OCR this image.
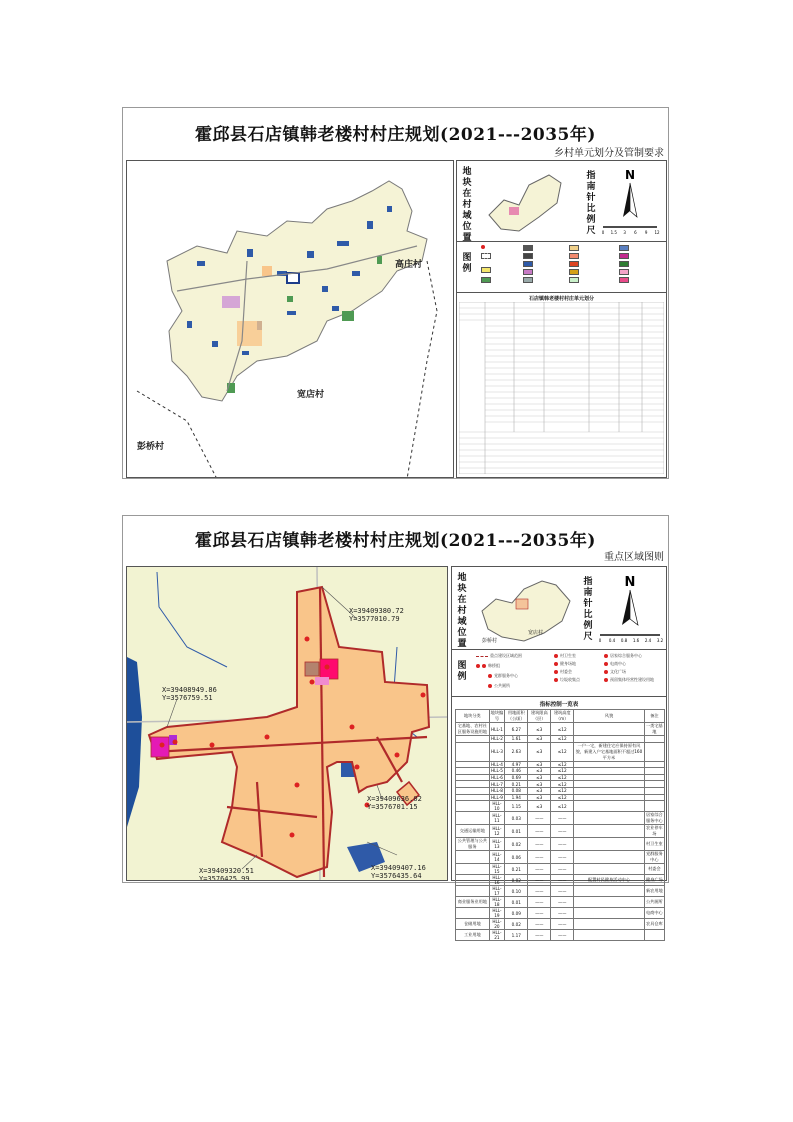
霍邱县石店镇韩老楼村村庄规划(2021---2035年)
乡村单元划分及管制要求
高庄村
宽店村
彭桥村
地块在村域位置
指南针比例尺
N
0 1.5 3 6 9 12
图例
石店镇韩老楼村村庄单元划分
霍邱县石店镇韩老楼村村庄规划(2021---2035年)
重点区域图则
X=39409380.72
Y=3577010.79
X=39408949.86
Y=3576759.51
X=39409636.02
Y=3576701.15
X=39409320.51
Y=3576425.99
X=39409407.16
Y=3576435.64
地块在村域位置
宽店村
彭桥村
指南针比例尺
N
0 0.4 0.8 1.6 2.4 3.2
图例
重点建设区域范围
韩桥组
党群服务中心
公共厕所
村卫生室
健身场地
村委会
垃圾收集点
居家综合服务中心
电商中心
文化广场
预留集体经营性建设用地
指标控制一览表
地块分类	地块编号	用地面积（公顷）	建筑限高（层）	建筑高度（m）	风貌	备注
宅基地、农村社区服务设施用地	HLL-1	6.27	≤3	≤12		一类宅基地
	HLL-2	1.61	≤3	≤12		
	HLL-3	2.63	≤3	≤12	一户一宅，新建住宅应保持原有风貌，新建入户宅基地面积不超过160平方米	
	HLL-4	4.97	≤3	≤12		
	HLL-5	0.46	≤3	≤12		
	HLL-6	0.69	≤3	≤12		
	HLL-7	0.21	≤3	≤12		
	HLL-8	0.08	≤3	≤12		
	HLL-9	1.94	≤3	≤12		
	HLL-10	1.15	≤3	≤12		
	HLL-11	0.03	——	——		居家综合服务中心
交通运输用地	HLL-12	0.01	——	——		农业停车场
公共管理与公共服务	HLL-13	0.02	——	——		村卫生室
	HLL-14	0.06	——	——		党群服务中心
	HLL-15	0.21	——	——		村委会
	HLL-16	0.02	——	——	配置村民健身活动中心	健身广场
	HLL-17	0.10	——	——		新农用地
商业服务业用地	HLL-18	0.01	——	——		公共厕所
	HLL-19	0.09	——	——		电商中心
仓储用地	HLL-20	0.02	——	——		农具仓库
工业用地	HLL-21	1.17	——	——		
